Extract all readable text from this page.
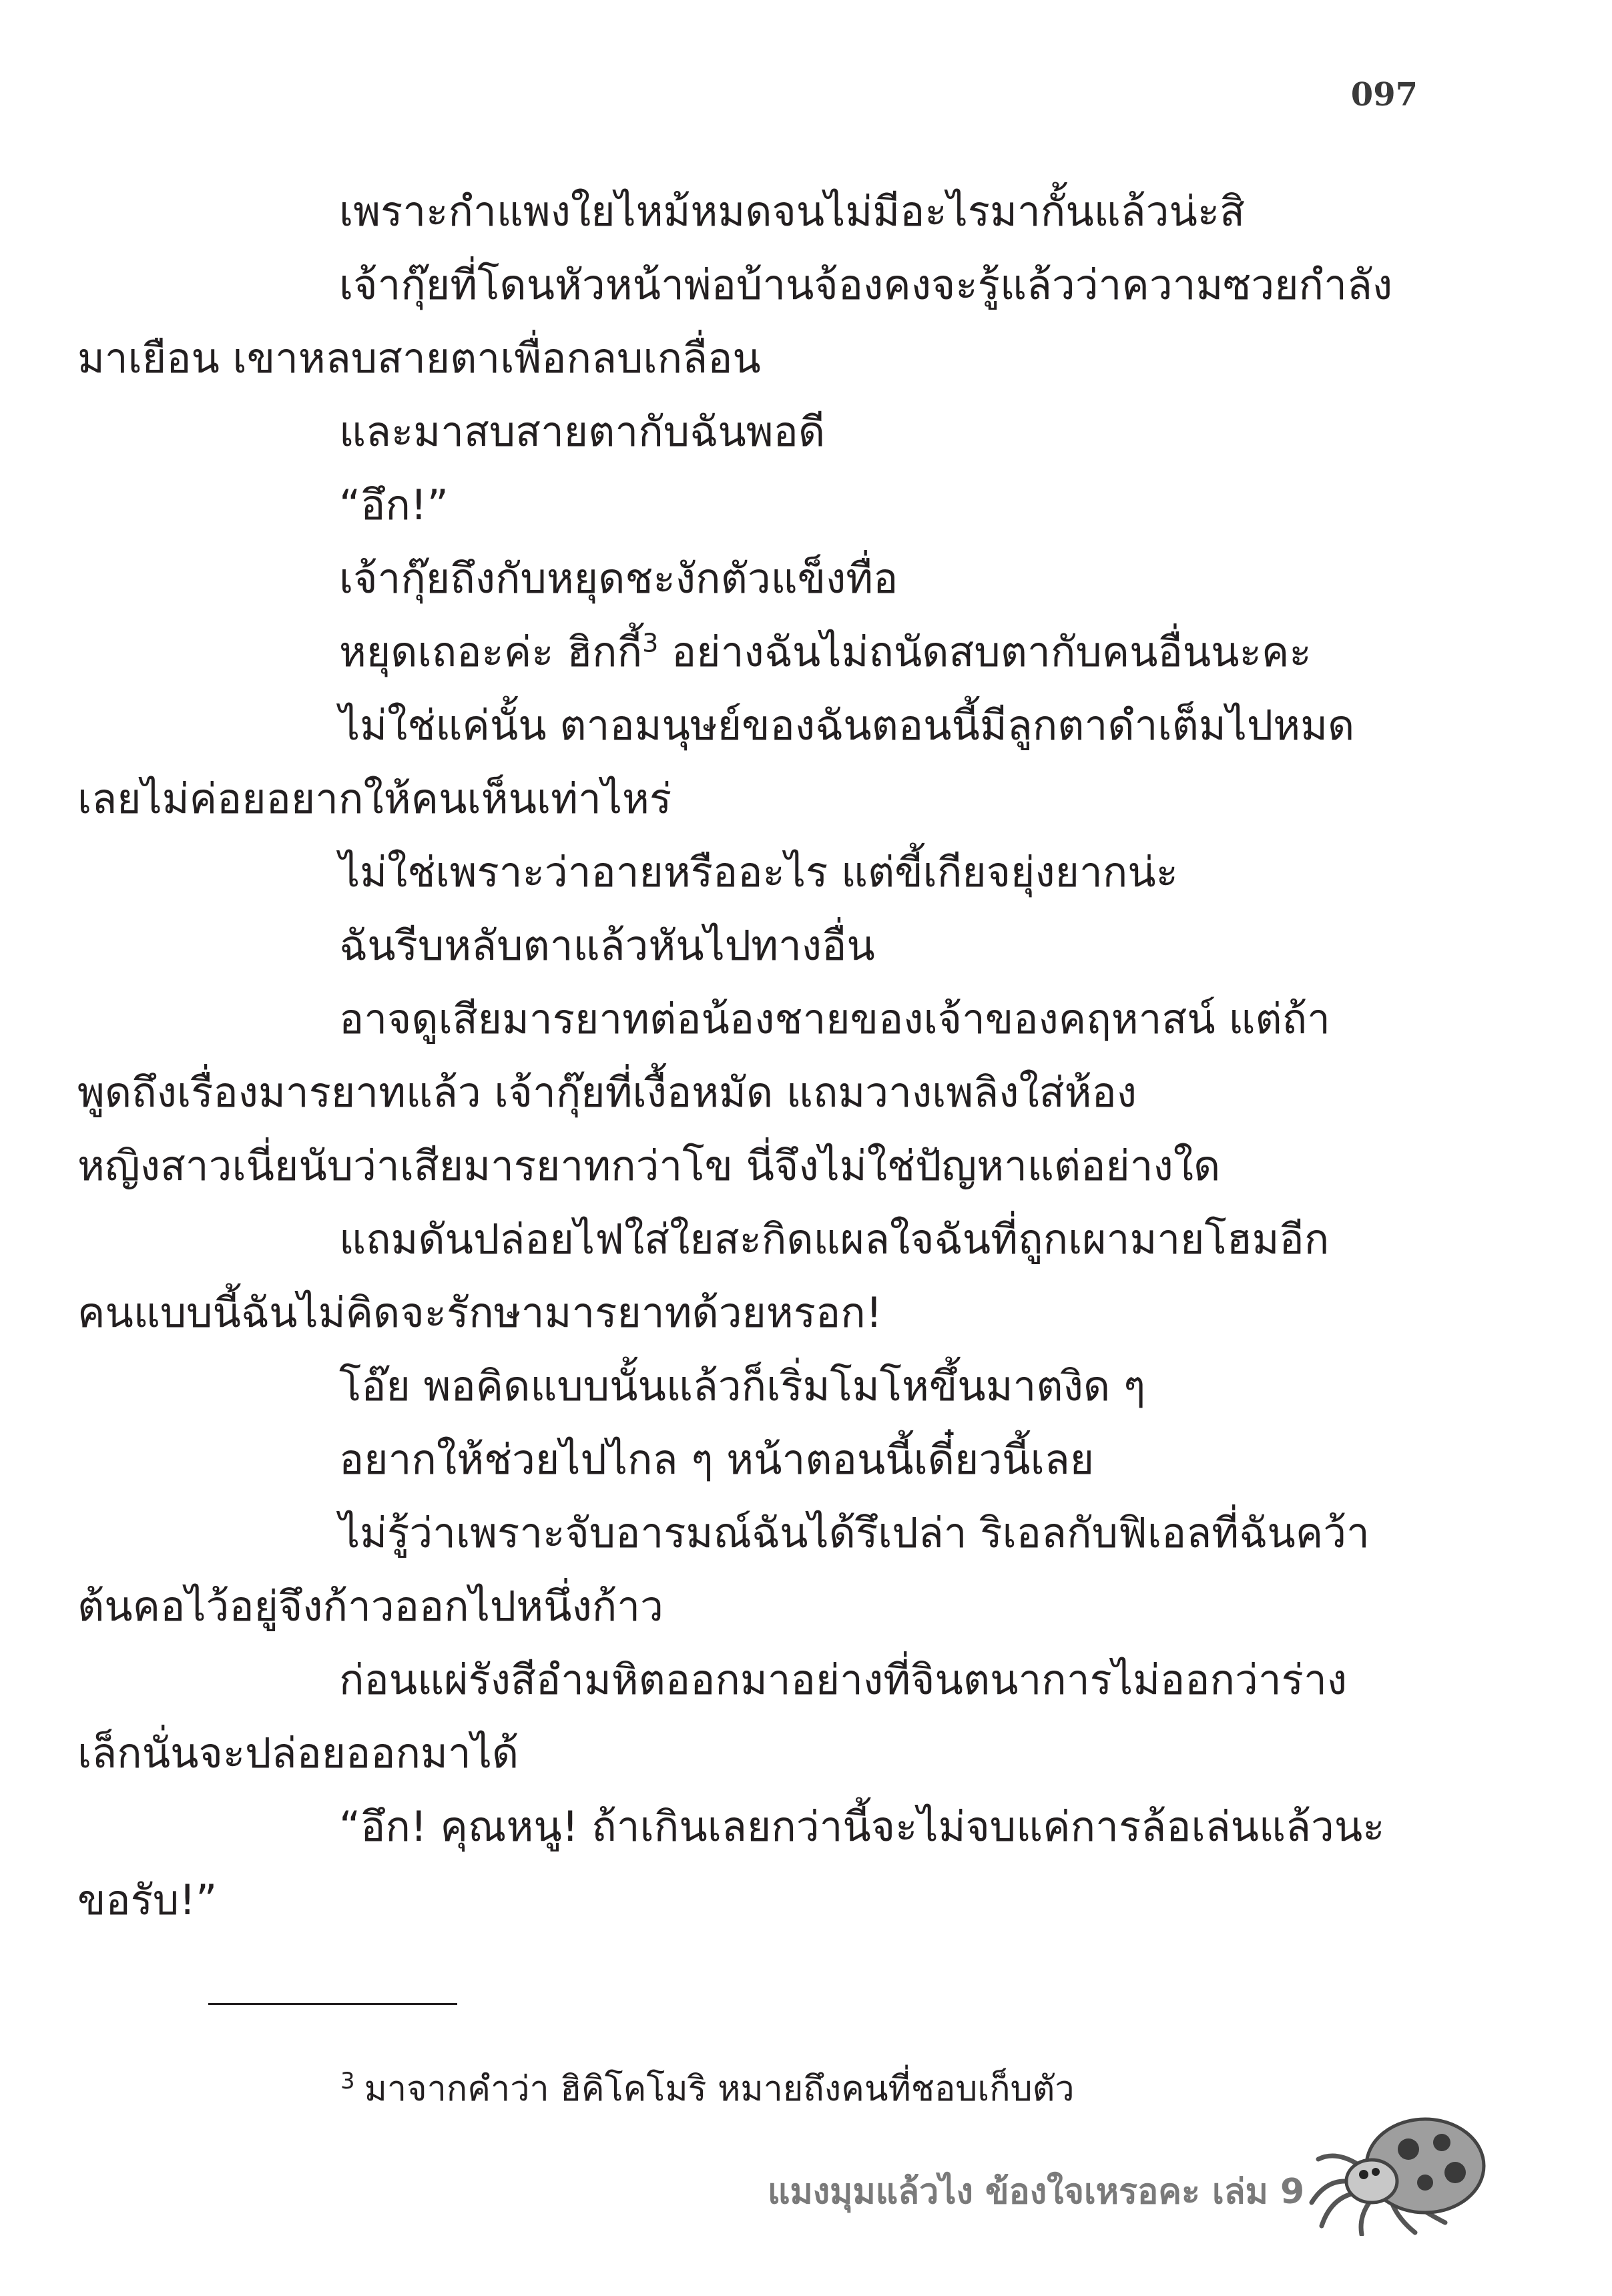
097

เพราะกำแพงใยไหม้หมดจนไม่มีอะไรมากั้นแล้วน่ะสิ

เจ้ากุ๊ยที่โดนหัวหน้าพ่อบ้านจ้องคงจะรู้แล้วว่าความซวยกำลัง
มาเยือน เขาหลบสายตาเพื่อกลบเกลื่อน

และมาสบสายตากับฉันพอดี

“อึก!”

เจ้ากุ๊ยถึงกับหยุดชะงักตัวแข็งทื่อ

หยุดเถอะค่ะ ฮิกกี้$^3$ อย่างฉันไม่ถนัดสบตากับคนอื่นนะคะ

ไม่ใช่แค่นั้น ตาอมนุษย์ของฉันตอนนี้มีลูกตาดำเต็มไปหมด
เลยไม่ค่อยอยากให้คนเห็นเท่าไหร่

ไม่ใช่เพราะว่าอายหรืออะไร แต่ขี้เกียจยุ่งยากน่ะ

ฉันรีบหลับตาแล้วหันไปทางอื่น

อาจดูเสียมารยาทต่อน้องชายของเจ้าของคฤหาสน์ แต่ถ้า
พูดถึงเรื่องมารยาทแล้ว เจ้ากุ๊ยที่เงื้อหมัด แถมวางเพลิงใส่ห้อง
หญิงสาวเนี่ยนับว่าเสียมารยาทกว่าโข นี่จึงไม่ใช่ปัญหาแต่อย่างใด

แถมดันปล่อยไฟใส่ใยสะกิดแผลใจฉันที่ถูกเผามายโฮมอีก
คนแบบนี้ฉันไม่คิดจะรักษามารยาทด้วยหรอก!

โอ๊ย พอคิดแบบนั้นแล้วก็เริ่มโมโหขึ้นมาตงิด ๆ

อยากให้ช่วยไปไกล ๆ หน้าตอนนี้เดี๋ยวนี้เลย

ไม่รู้ว่าเพราะจับอารมณ์ฉันได้รึเปล่า ริเอลกับฟิเอลที่ฉันคว้า
ต้นคอไว้อยู่จึงก้าวออกไปหนึ่งก้าว

ก่อนแผ่รังสีอำมหิตออกมาอย่างที่จินตนาการไม่ออกว่าร่าง
เล็กนั่นจะปล่อยออกมาได้

“อึก! คุณหนู! ถ้าเกินเลยกว่านี้จะไม่จบแค่การล้อเล่นแล้วนะ
ขอรับ!”

$^3$ มาจากคำว่า ฮิคิโคโมริ หมายถึงคนที่ชอบเก็บตัว
แมงมุมแล้วไง ข้องใจเหรอคะ เล่ม 9
